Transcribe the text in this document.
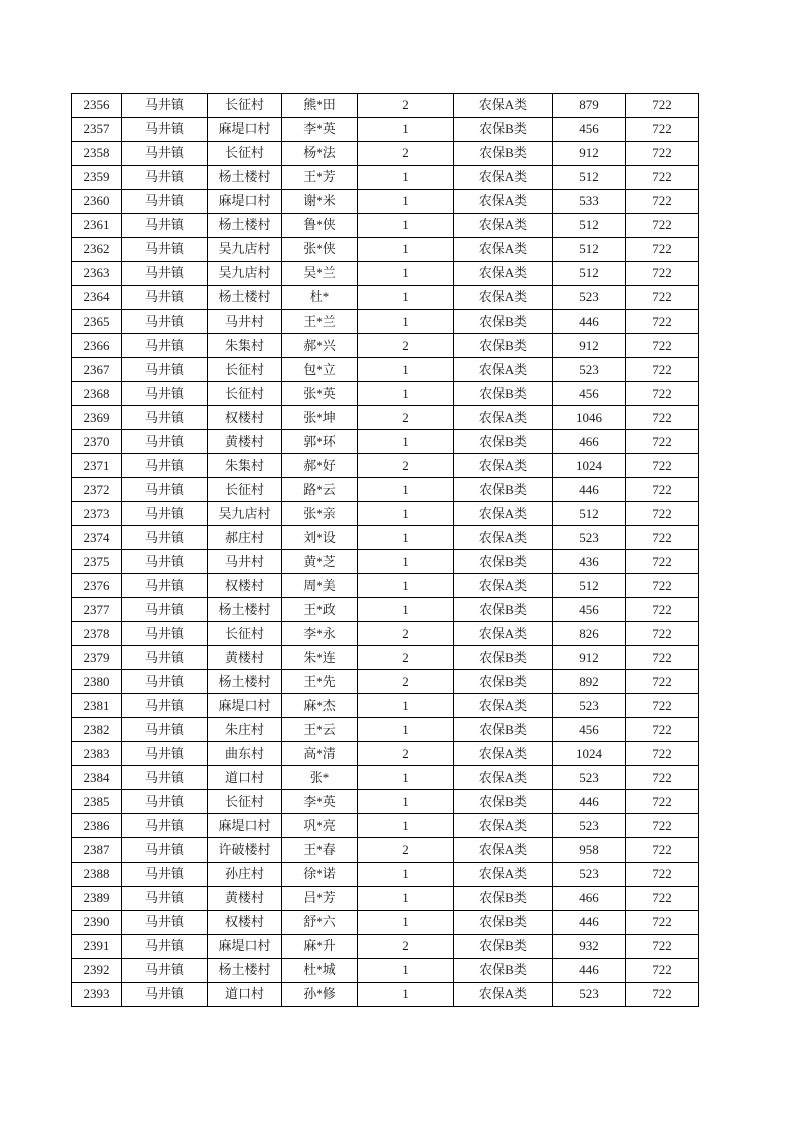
2356	马井镇	长征村	熊*田	2	农保A类	879	722
2357	马井镇	麻堤口村	李*英	1	农保B类	456	722
2358	马井镇	长征村	杨*法	2	农保B类	912	722
2359	马井镇	杨土楼村	王*芳	1	农保A类	512	722
2360	马井镇	麻堤口村	谢*米	1	农保A类	533	722
2361	马井镇	杨土楼村	鲁*侠	1	农保A类	512	722
2362	马井镇	吴九店村	张*侠	1	农保A类	512	722
2363	马井镇	吴九店村	吴*兰	1	农保A类	512	722
2364	马井镇	杨土楼村	杜*	1	农保A类	523	722
2365	马井镇	马井村	王*兰	1	农保B类	446	722
2366	马井镇	朱集村	郝*兴	2	农保B类	912	722
2367	马井镇	长征村	包*立	1	农保A类	523	722
2368	马井镇	长征村	张*英	1	农保B类	456	722
2369	马井镇	权楼村	张*坤	2	农保A类	1046	722
2370	马井镇	黄楼村	郭*环	1	农保B类	466	722
2371	马井镇	朱集村	郝*好	2	农保A类	1024	722
2372	马井镇	长征村	路*云	1	农保B类	446	722
2373	马井镇	吴九店村	张*亲	1	农保A类	512	722
2374	马井镇	郝庄村	刘*设	1	农保A类	523	722
2375	马井镇	马井村	黄*芝	1	农保B类	436	722
2376	马井镇	权楼村	周*美	1	农保A类	512	722
2377	马井镇	杨土楼村	王*政	1	农保B类	456	722
2378	马井镇	长征村	李*永	2	农保A类	826	722
2379	马井镇	黄楼村	朱*连	2	农保B类	912	722
2380	马井镇	杨土楼村	王*先	2	农保B类	892	722
2381	马井镇	麻堤口村	麻*杰	1	农保A类	523	722
2382	马井镇	朱庄村	王*云	1	农保B类	456	722
2383	马井镇	曲东村	高*清	2	农保A类	1024	722
2384	马井镇	道口村	张*	1	农保A类	523	722
2385	马井镇	长征村	李*英	1	农保B类	446	722
2386	马井镇	麻堤口村	巩*亮	1	农保A类	523	722
2387	马井镇	许破楼村	王*春	2	农保A类	958	722
2388	马井镇	孙庄村	徐*诺	1	农保A类	523	722
2389	马井镇	黄楼村	吕*芳	1	农保B类	466	722
2390	马井镇	权楼村	舒*六	1	农保B类	446	722
2391	马井镇	麻堤口村	麻*升	2	农保B类	932	722
2392	马井镇	杨土楼村	杜*城	1	农保B类	446	722
2393	马井镇	道口村	孙*修	1	农保A类	523	722
